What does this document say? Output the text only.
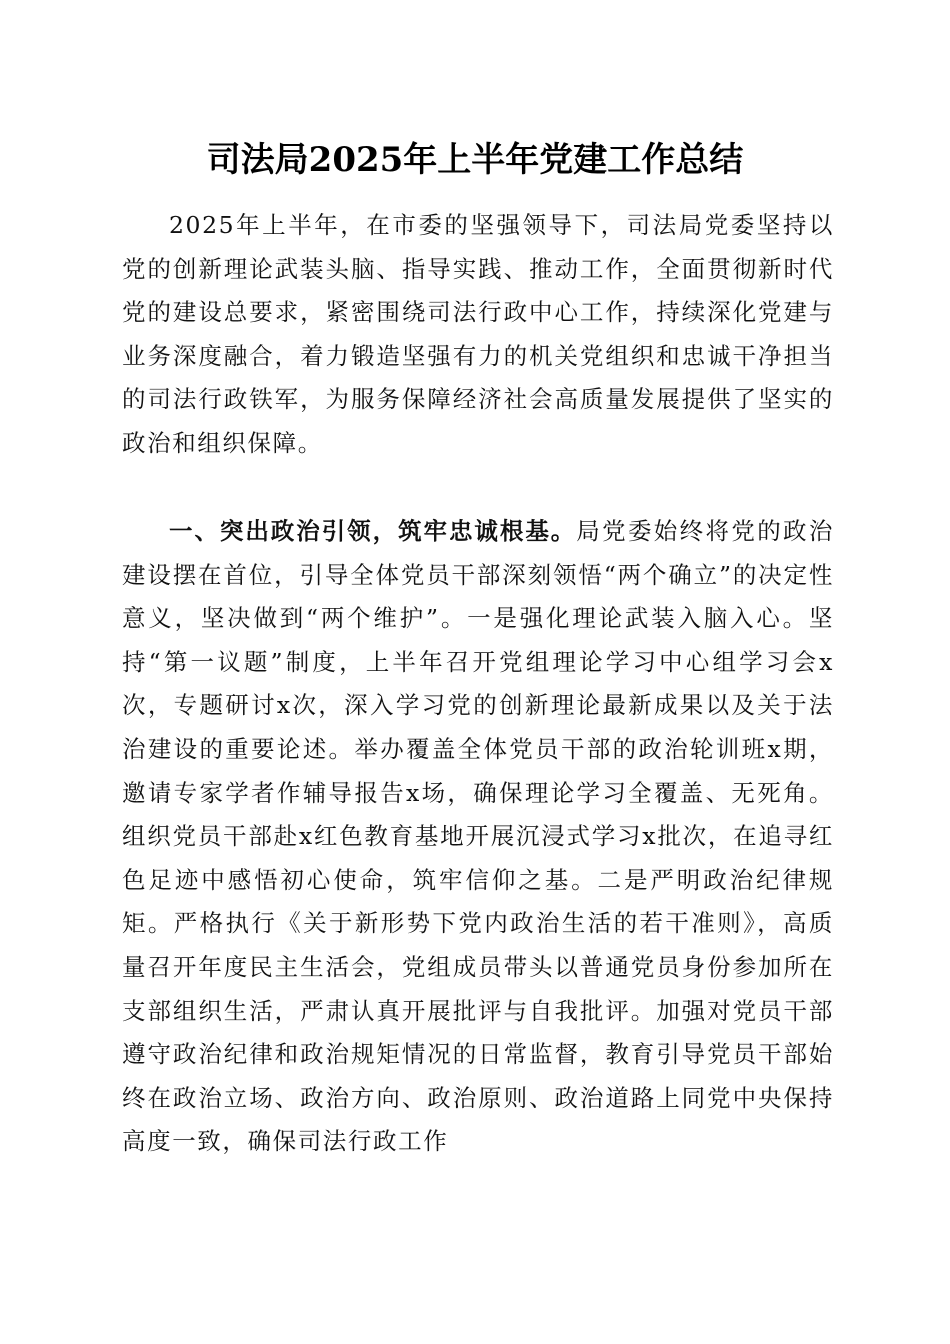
司法局2025年上半年党建工作总结
2025年上半年，在市委的坚强领导下，司法局党委坚持以党的创新理论武装头脑、指导实践、推动工作，全面贯彻新时代党的建设总要求，紧密围绕司法行政中心工作，持续深化党建与业务深度融合，着力锻造坚强有力的机关党组织和忠诚干净担当的司法行政铁军，为服务保障经济社会高质量发展提供了坚实的政治和组织保障。
一、突出政治引领，筑牢忠诚根基。局党委始终将党的政治建设摆在首位，引导全体党员干部深刻领悟“两个确立”的决定性意义，坚决做到“两个维护”。一是强化理论武装入脑入心。坚持“第一议题”制度，上半年召开党组理论学习中心组学习会x次，专题研讨x次，深入学习党的创新理论最新成果以及关于法治建设的重要论述。举办覆盖全体党员干部的政治轮训班x期，邀请专家学者作辅导报告x场，确保理论学习全覆盖、无死角。组织党员干部赴x红色教育基地开展沉浸式学习x批次，在追寻红色足迹中感悟初心使命，筑牢信仰之基。二是严明政治纪律规矩。严格执行《关于新形势下党内政治生活的若干准则》，高质量召开年度民主生活会，党组成员带头以普通党员身份参加所在支部组织生活，严肃认真开展批评与自我批评。加强对党员干部遵守政治纪律和政治规矩情况的日常监督，教育引导党员干部始终在政治立场、政治方向、政治原则、政治道路上同党中央保持高度一致，确保司法行政工作
